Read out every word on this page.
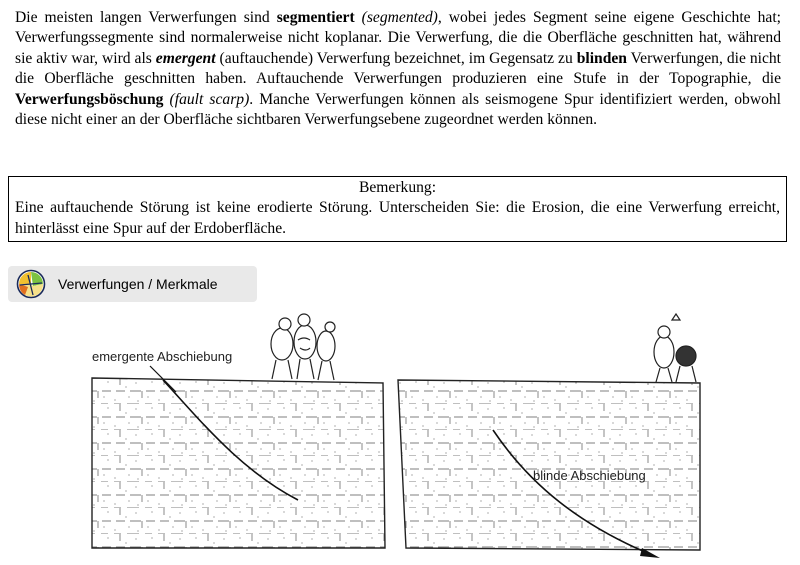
Die meisten langen Verwerfungen sind segmentiert (segmented), wobei jedes Segment seine eigene Geschichte hat; Verwerfungssegmente sind normalerweise nicht koplanar. Die Verwerfung, die die Oberfläche geschnitten hat, während sie aktiv war, wird als emergent (auftauchende) Verwerfung bezeichnet, im Gegensatz zu blinden Verwerfungen, die nicht die Oberfläche geschnitten haben. Auftauchende Verwerfungen produzieren eine Stufe in der Topographie, die Verwerfungsböschung (fault scarp). Manche Verwerfungen können als seismogene Spur identifiziert werden, obwohl diese nicht einer an der Oberfläche sichtbaren Verwerfungsebene zugeordnet werden können.

Bemerkung:
Eine auftauchende Störung ist keine erodierte Störung. Unterscheiden Sie: die Erosion, die eine Verwerfung erreicht, hinterlässt eine Spur auf der Erdoberfläche.
Verwerfungen / Merkmale
emergente Abschiebung
blinde Abschiebung
